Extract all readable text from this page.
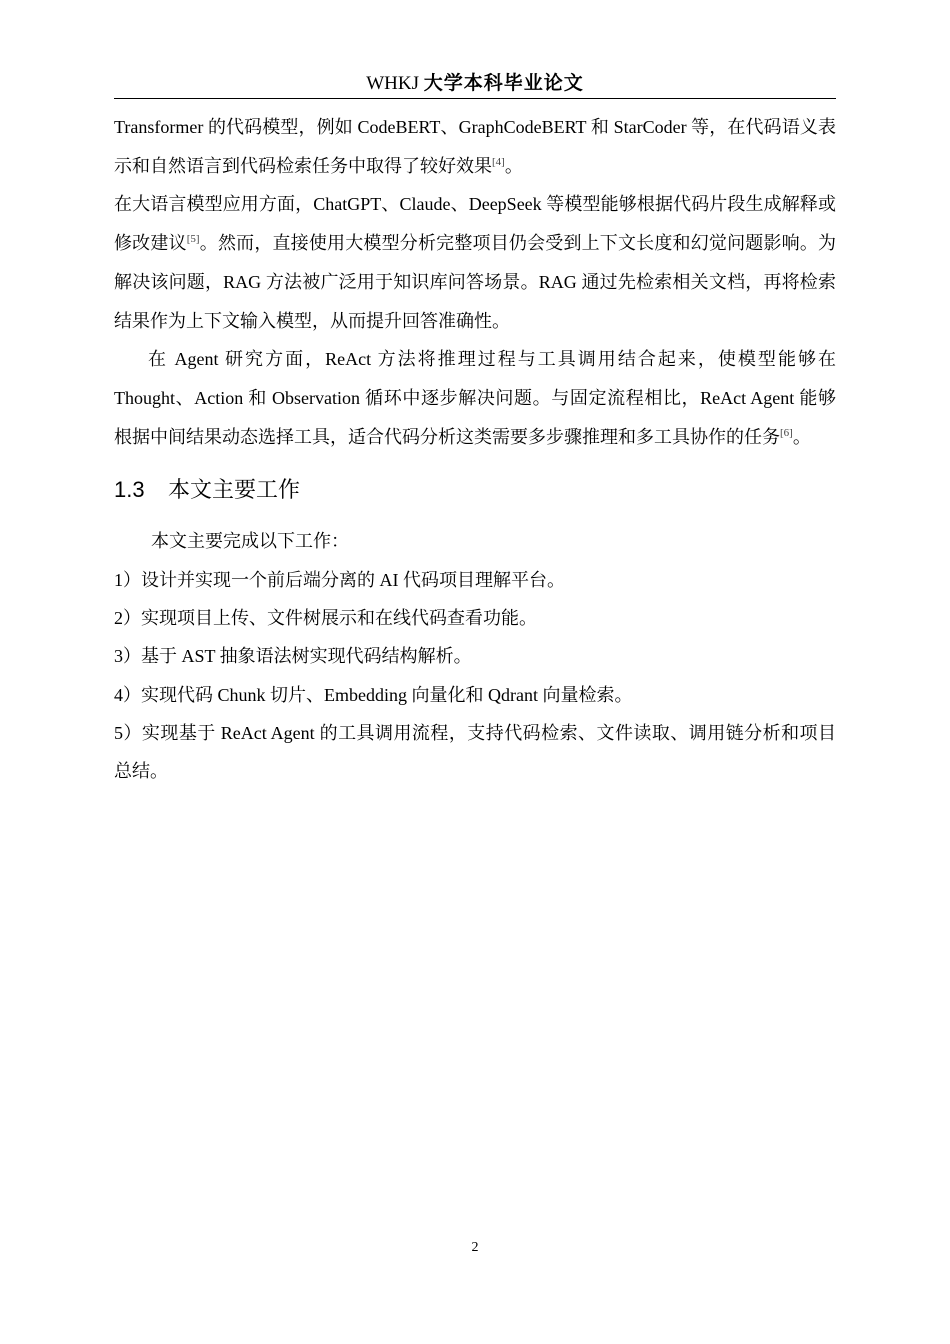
WHKJ 大学本科毕业论文

Transformer 的代码模型，例如 CodeBERT、GraphCodeBERT 和 StarCoder 等，在代码语义表示和自然语言到代码检索任务中取得了较好效果[4]。

在大语言模型应用方面，ChatGPT、Claude、DeepSeek 等模型能够根据代码片段生成解释或修改建议[5]。然而，直接使用大模型分析完整项目仍会受到上下文长度和幻觉问题影响。为解决该问题，RAG 方法被广泛用于知识库问答场景。RAG 通过先检索相关文档，再将检索结果作为上下文输入模型，从而提升回答准确性。

在 Agent 研究方面，ReAct 方法将推理过程与工具调用结合起来，使模型能够在 Thought、Action 和 Observation 循环中逐步解决问题。与固定流程相比，ReAct Agent 能够根据中间结果动态选择工具，适合代码分析这类需要多步骤推理和多工具协作的任务[6]。

1.3 本文主要工作

本文主要完成以下工作：

1）设计并实现一个前后端分离的 AI 代码项目理解平台。

2）实现项目上传、文件树展示和在线代码查看功能。

3）基于 AST 抽象语法树实现代码结构解析。

4）实现代码 Chunk 切片、Embedding 向量化和 Qdrant 向量检索。

5）实现基于 ReAct Agent 的工具调用流程，支持代码检索、文件读取、调用链分析和项目总结。

2
